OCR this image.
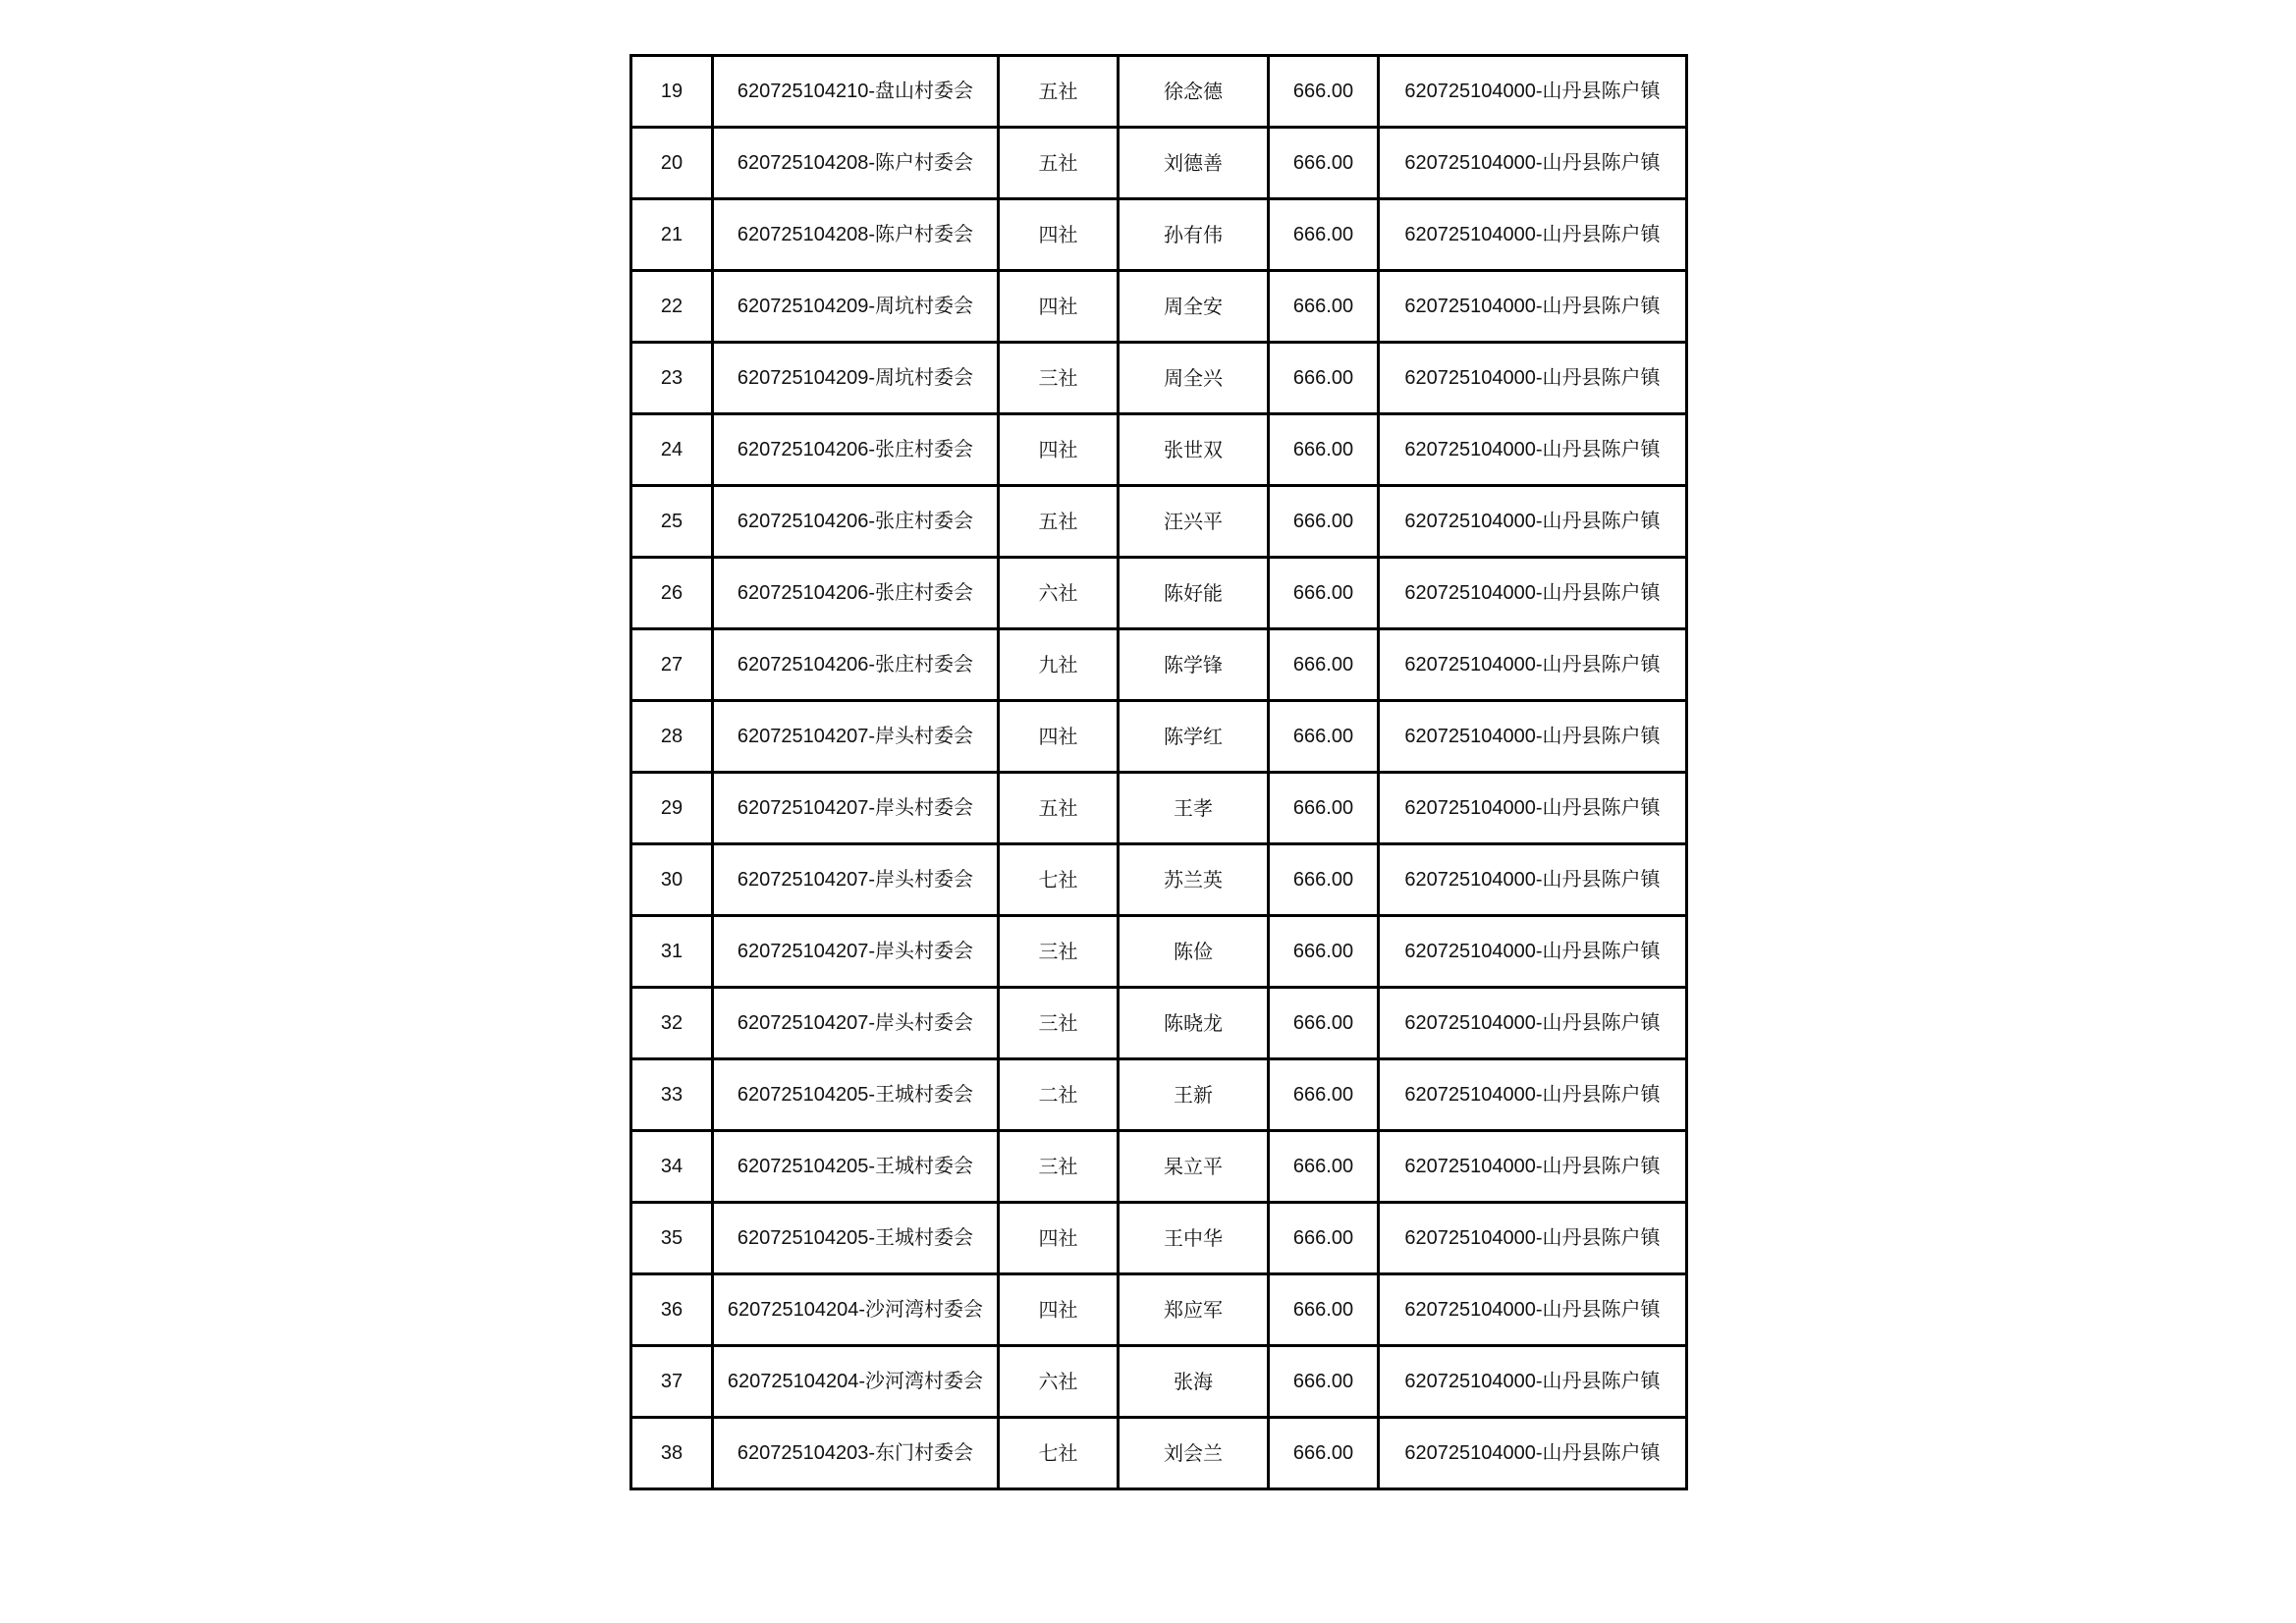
19	620725104210-盘山村委会	五社	徐念德	666.00	620725104000-山丹县陈户镇
20	620725104208-陈户村委会	五社	刘德善	666.00	620725104000-山丹县陈户镇
21	620725104208-陈户村委会	四社	孙有伟	666.00	620725104000-山丹县陈户镇
22	620725104209-周坑村委会	四社	周全安	666.00	620725104000-山丹县陈户镇
23	620725104209-周坑村委会	三社	周全兴	666.00	620725104000-山丹县陈户镇
24	620725104206-张庄村委会	四社	张世双	666.00	620725104000-山丹县陈户镇
25	620725104206-张庄村委会	五社	汪兴平	666.00	620725104000-山丹县陈户镇
26	620725104206-张庄村委会	六社	陈好能	666.00	620725104000-山丹县陈户镇
27	620725104206-张庄村委会	九社	陈学锋	666.00	620725104000-山丹县陈户镇
28	620725104207-岸头村委会	四社	陈学红	666.00	620725104000-山丹县陈户镇
29	620725104207-岸头村委会	五社	王孝	666.00	620725104000-山丹县陈户镇
30	620725104207-岸头村委会	七社	苏兰英	666.00	620725104000-山丹县陈户镇
31	620725104207-岸头村委会	三社	陈俭	666.00	620725104000-山丹县陈户镇
32	620725104207-岸头村委会	三社	陈晓龙	666.00	620725104000-山丹县陈户镇
33	620725104205-王城村委会	二社	王新	666.00	620725104000-山丹县陈户镇
34	620725104205-王城村委会	三社	杲立平	666.00	620725104000-山丹县陈户镇
35	620725104205-王城村委会	四社	王中华	666.00	620725104000-山丹县陈户镇
36	620725104204-沙河湾村委会	四社	郑应军	666.00	620725104000-山丹县陈户镇
37	620725104204-沙河湾村委会	六社	张海	666.00	620725104000-山丹县陈户镇
38	620725104203-东门村委会	七社	刘会兰	666.00	620725104000-山丹县陈户镇
